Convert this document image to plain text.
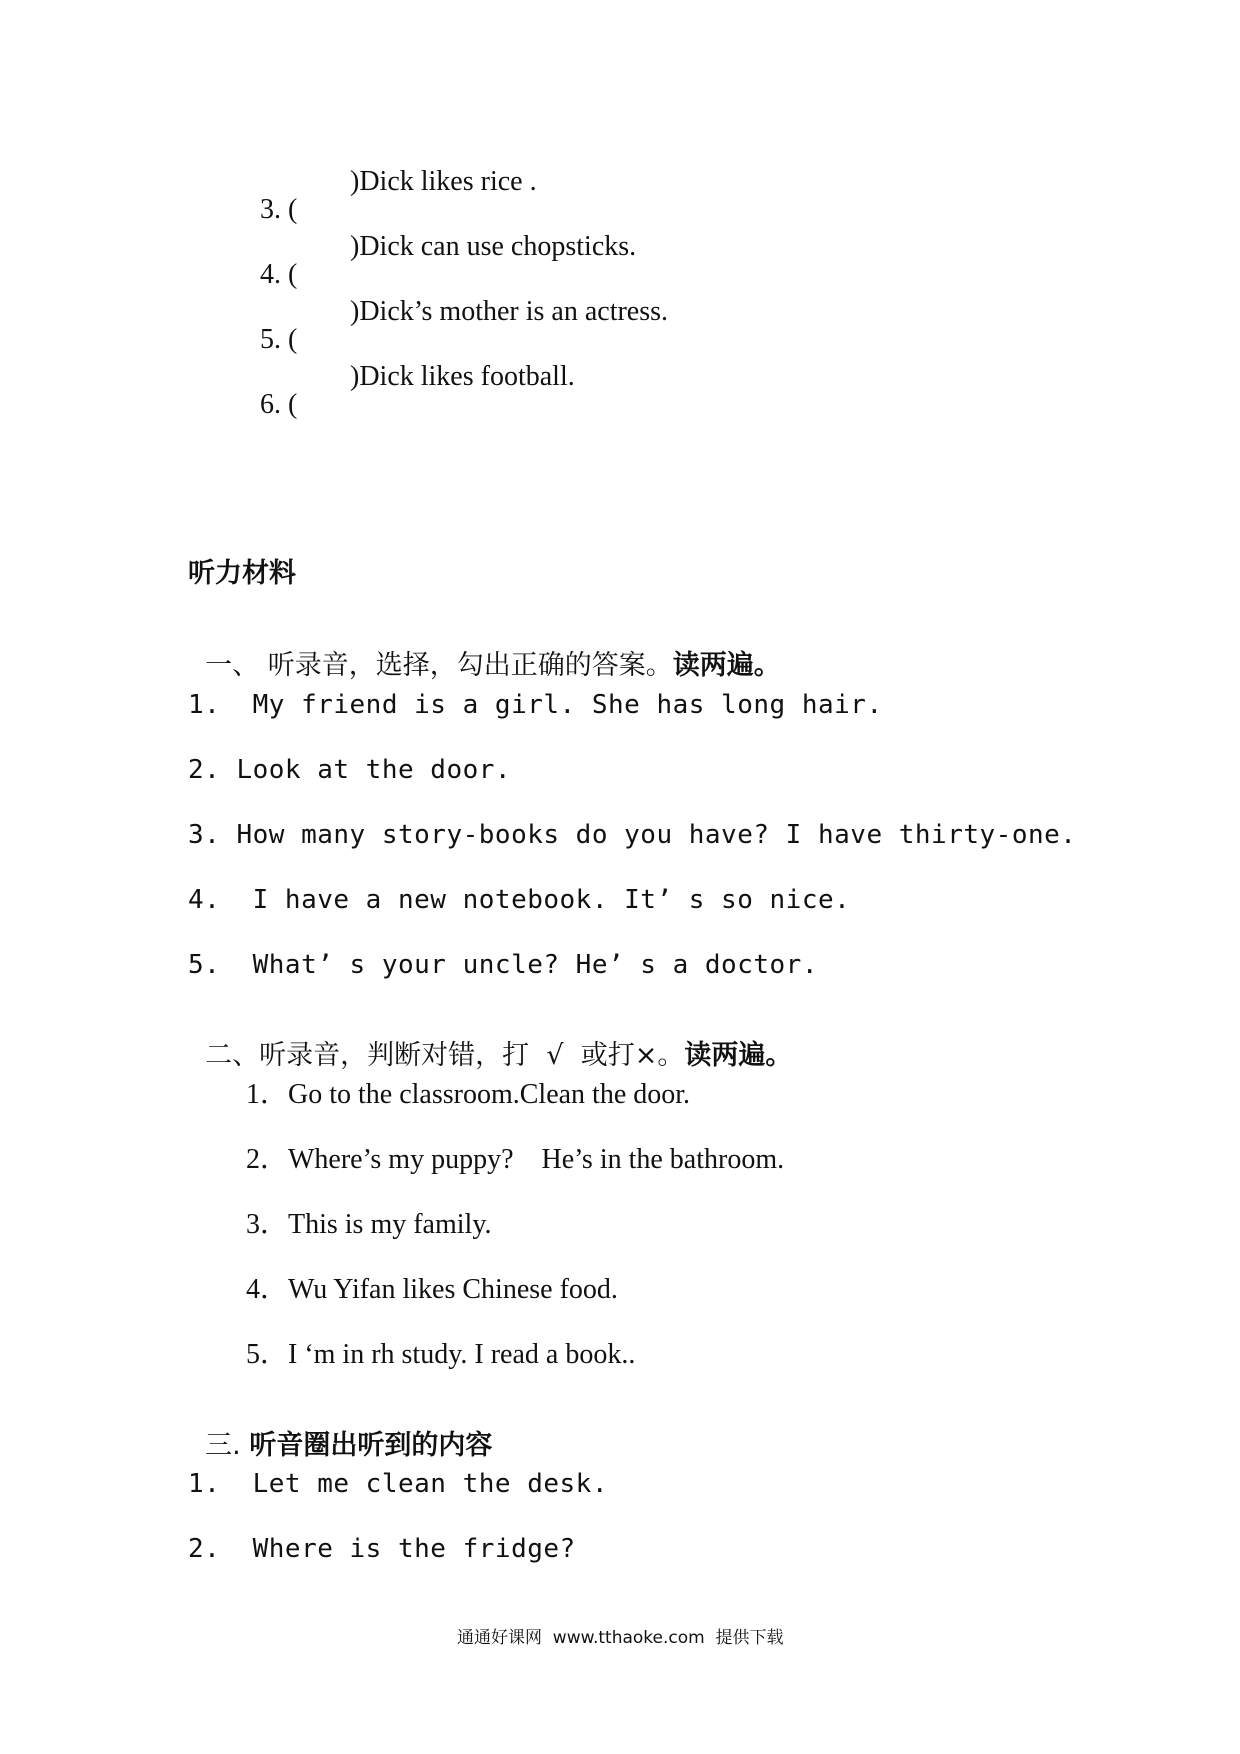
3. (

)Dick likes rice .

4. (

)Dick can use chopsticks.

5. (

)Dick’s mother is an actress.

6. (

)Dick likes football.

听力材料

一、 听录音，选择，勾出正确的答案。读两遍。

1.  My friend is a girl. She has long hair.
2. Look at the door.
3. How many story-books do you have? I have thirty-one.
4.  I have a new notebook. It’ s so nice.
5.  What’ s your uncle? He’ s a doctor.

二、听录音，判断对错，打  √  或打×。读两遍。

1．Go to the classroom.Clean the door.
2．Where’s my puppy?    He’s in the bathroom.
3．This is my family.
4．Wu Yifan likes Chinese food.
5．I ‘m in rh study. I read a book..

三. 听音圈出听到的内容

1.  Let me clean the desk.
2.  Where is the fridge?
通通好课网  www.tthaoke.com  提供下载
